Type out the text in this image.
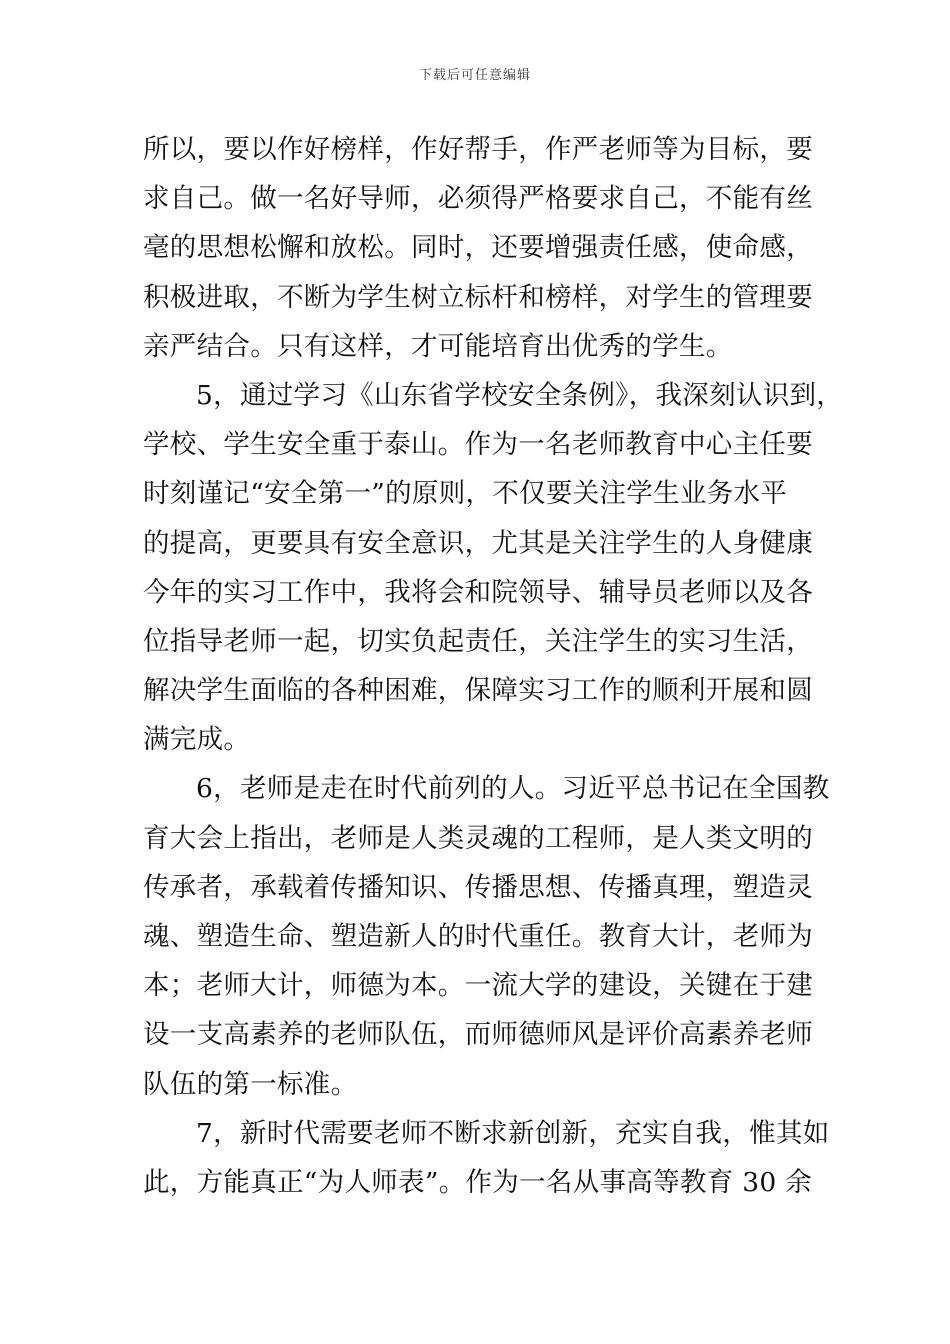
下载后可任意编辑
所以，要以作好榜样，作好帮手，作严老师等为目标，要
求自己。做一名好导师，必须得严格要求自己，不能有丝
毫的思想松懈和放松。同时，还要增强责任感，使命感，
积极进取，不断为学生树立标杆和榜样，对学生的管理要
亲严结合。只有这样，才可能培育出优秀的学生。
5，通过学习《山东省学校安全条例》，我深刻认识到，
学校、学生安全重于泰山。作为一名老师教育中心主任要
时刻谨记“安全第一”的原则，不仅要关注学生业务水平
的提高，更要具有安全意识，尤其是关注学生的人身健康
今年的实习工作中，我将会和院领导、辅导员老师以及各
位指导老师一起，切实负起责任，关注学生的实习生活，
解决学生面临的各种困难，保障实习工作的顺利开展和圆
满完成。
6，老师是走在时代前列的人。习近平总书记在全国教
育大会上指出，老师是人类灵魂的工程师，是人类文明的
传承者，承载着传播知识、传播思想、传播真理，塑造灵
魂、塑造生命、塑造新人的时代重任。教育大计，老师为
本；老师大计，师德为本。一流大学的建设，关键在于建
设一支高素养的老师队伍，而师德师风是评价高素养老师
队伍的第一标准。
7，新时代需要老师不断求新创新，充实自我，惟其如
此，方能真正“为人师表”。作为一名从事高等教育 30 余
